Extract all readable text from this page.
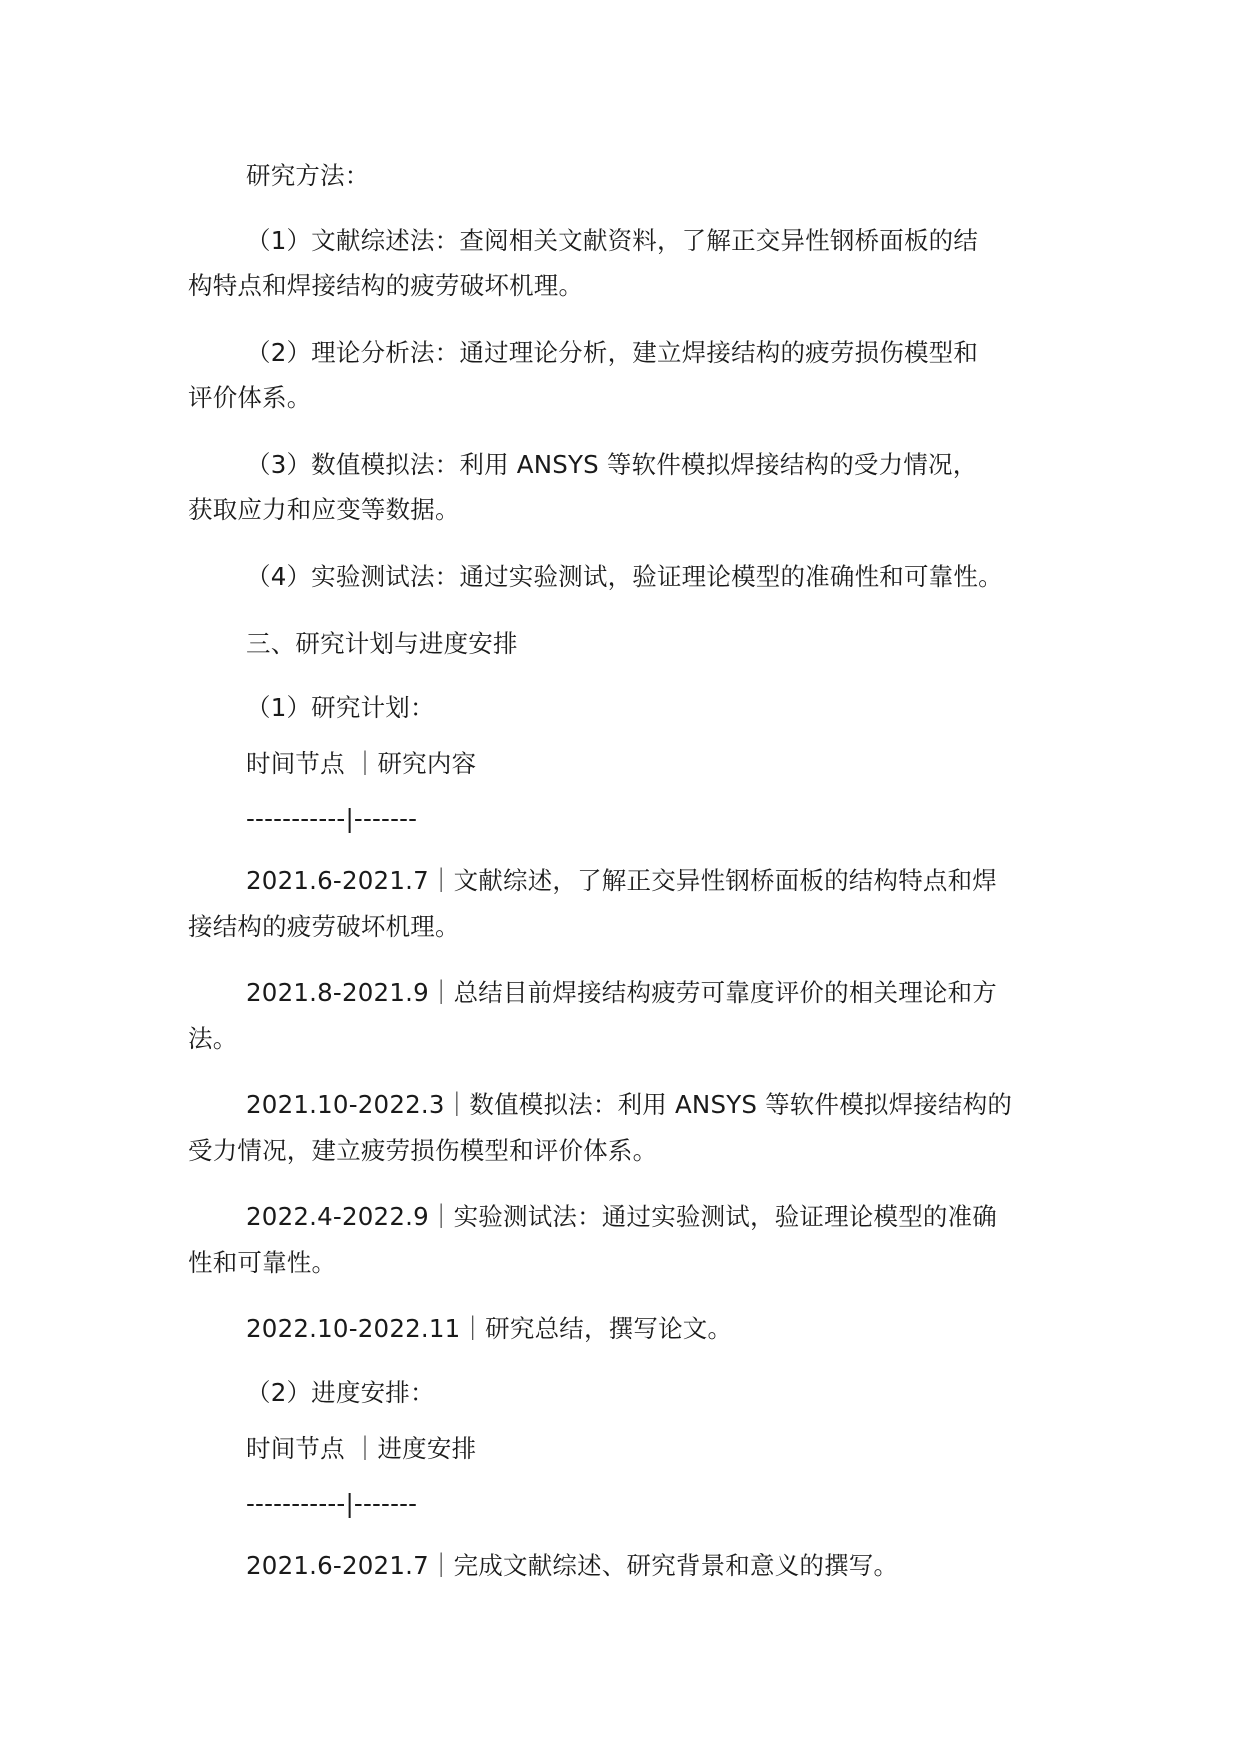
研究方法：

（1）文献综述法：查阅相关文献资料，了解正交异性钢桥面板的结

构特点和焊接结构的疲劳破坏机理。

（2）理论分析法：通过理论分析，建立焊接结构的疲劳损伤模型和

评价体系。

（3）数值模拟法：利用 ANSYS 等软件模拟焊接结构的受力情况，

获取应力和应变等数据。

（4）实验测试法：通过实验测试，验证理论模型的准确性和可靠性。

三、研究计划与进度安排

（1）研究计划：

时间节点 ｜研究内容

-----------|-------

2021.6-2021.7｜文献综述，了解正交异性钢桥面板的结构特点和焊

接结构的疲劳破坏机理。

2021.8-2021.9｜总结目前焊接结构疲劳可靠度评价的相关理论和方

法。

2021.10-2022.3｜数值模拟法：利用 ANSYS 等软件模拟焊接结构的

受力情况，建立疲劳损伤模型和评价体系。

2022.4-2022.9｜实验测试法：通过实验测试，验证理论模型的准确

性和可靠性。

2022.10-2022.11｜研究总结，撰写论文。

（2）进度安排：

时间节点 ｜进度安排

-----------|-------

2021.6-2021.7｜完成文献综述、研究背景和意义的撰写。
